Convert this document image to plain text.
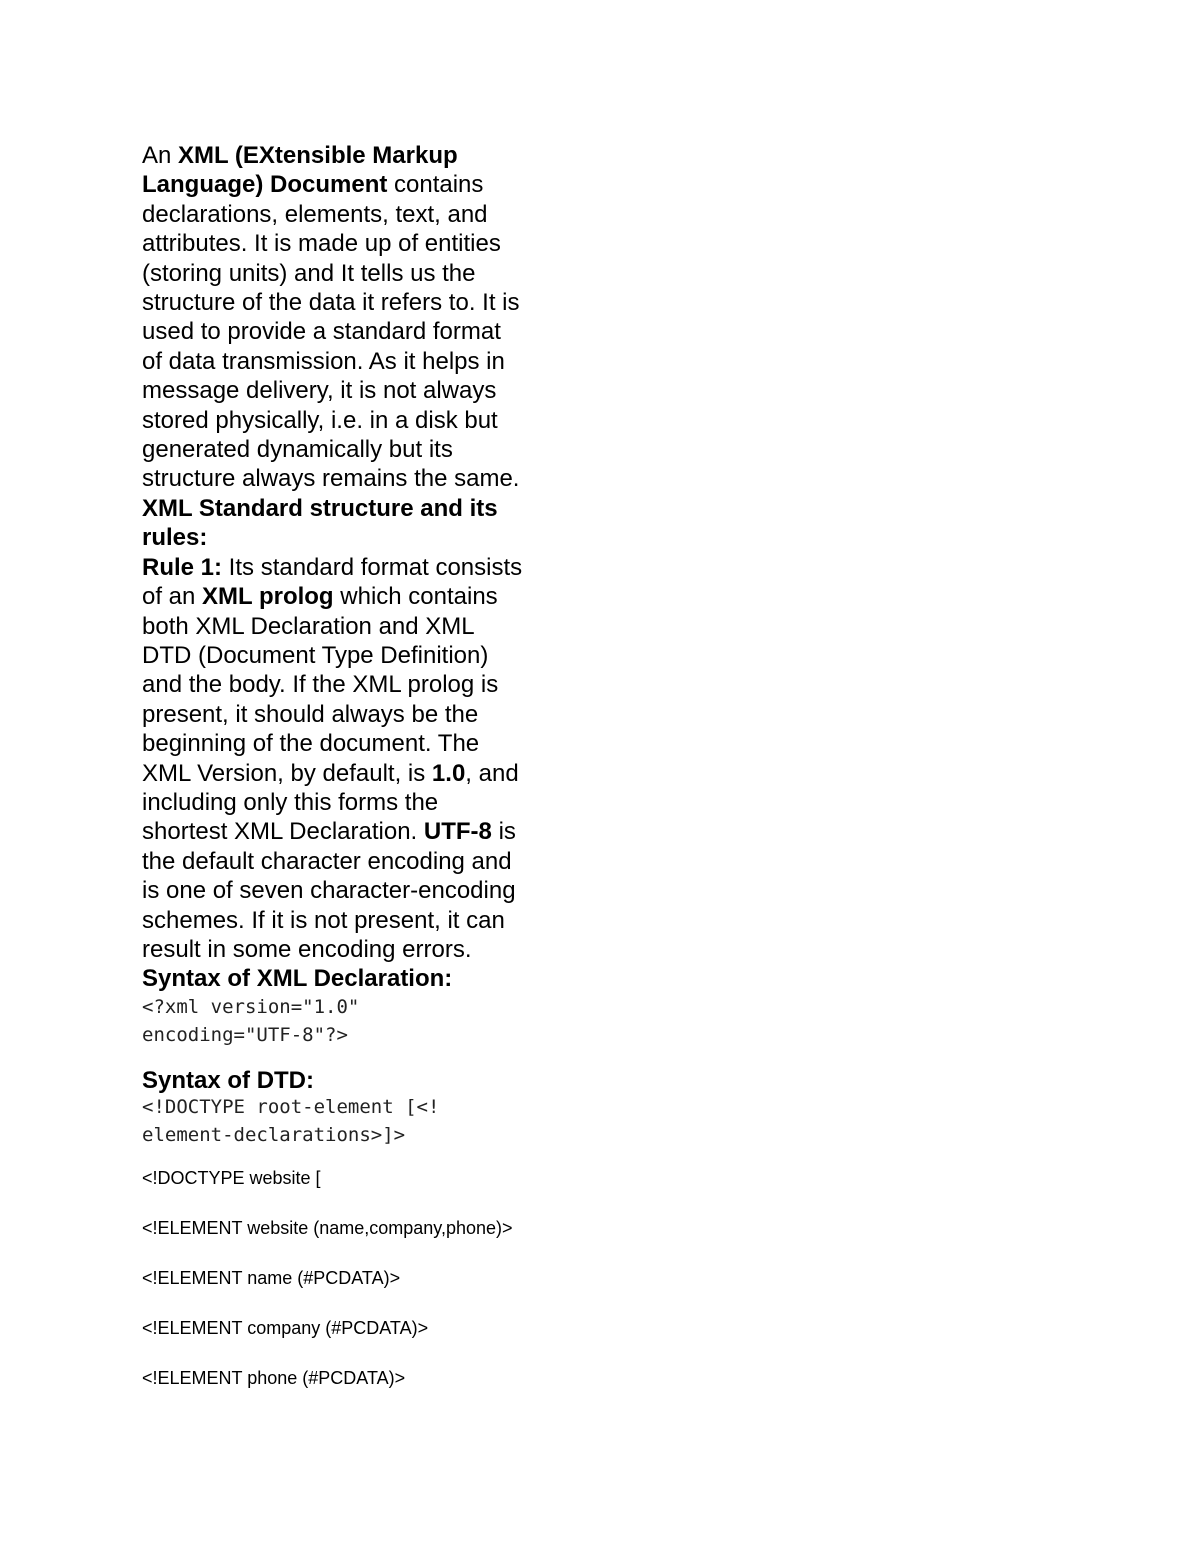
An XML (EXtensible Markup
Language) Document contains
declarations, elements, text, and
attributes. It is made up of entities
(storing units) and It tells us the
structure of the data it refers to. It is
used to provide a standard format
of data transmission. As it helps in
message delivery, it is not always
stored physically, i.e. in a disk but
generated dynamically but its
structure always remains the same.
XML Standard structure and its
rules:
Rule 1: Its standard format consists
of an XML prolog which contains
both XML Declaration and XML
DTD (Document Type Definition)
and the body. If the XML prolog is
present, it should always be the
beginning of the document. The
XML Version, by default, is 1.0, and
including only this forms the
shortest XML Declaration. UTF-8 is
the default character encoding and
is one of seven character-encoding
schemes. If it is not present, it can
result in some encoding errors.
Syntax of XML Declaration:
<?xml version="1.0"
encoding="UTF-8"?>
Syntax of DTD:
<!DOCTYPE root-element [<!
element-declarations>]>
<!DOCTYPE website [
<!ELEMENT website (name,company,phone)>
<!ELEMENT name (#PCDATA)>
<!ELEMENT company (#PCDATA)>
<!ELEMENT phone (#PCDATA)>
